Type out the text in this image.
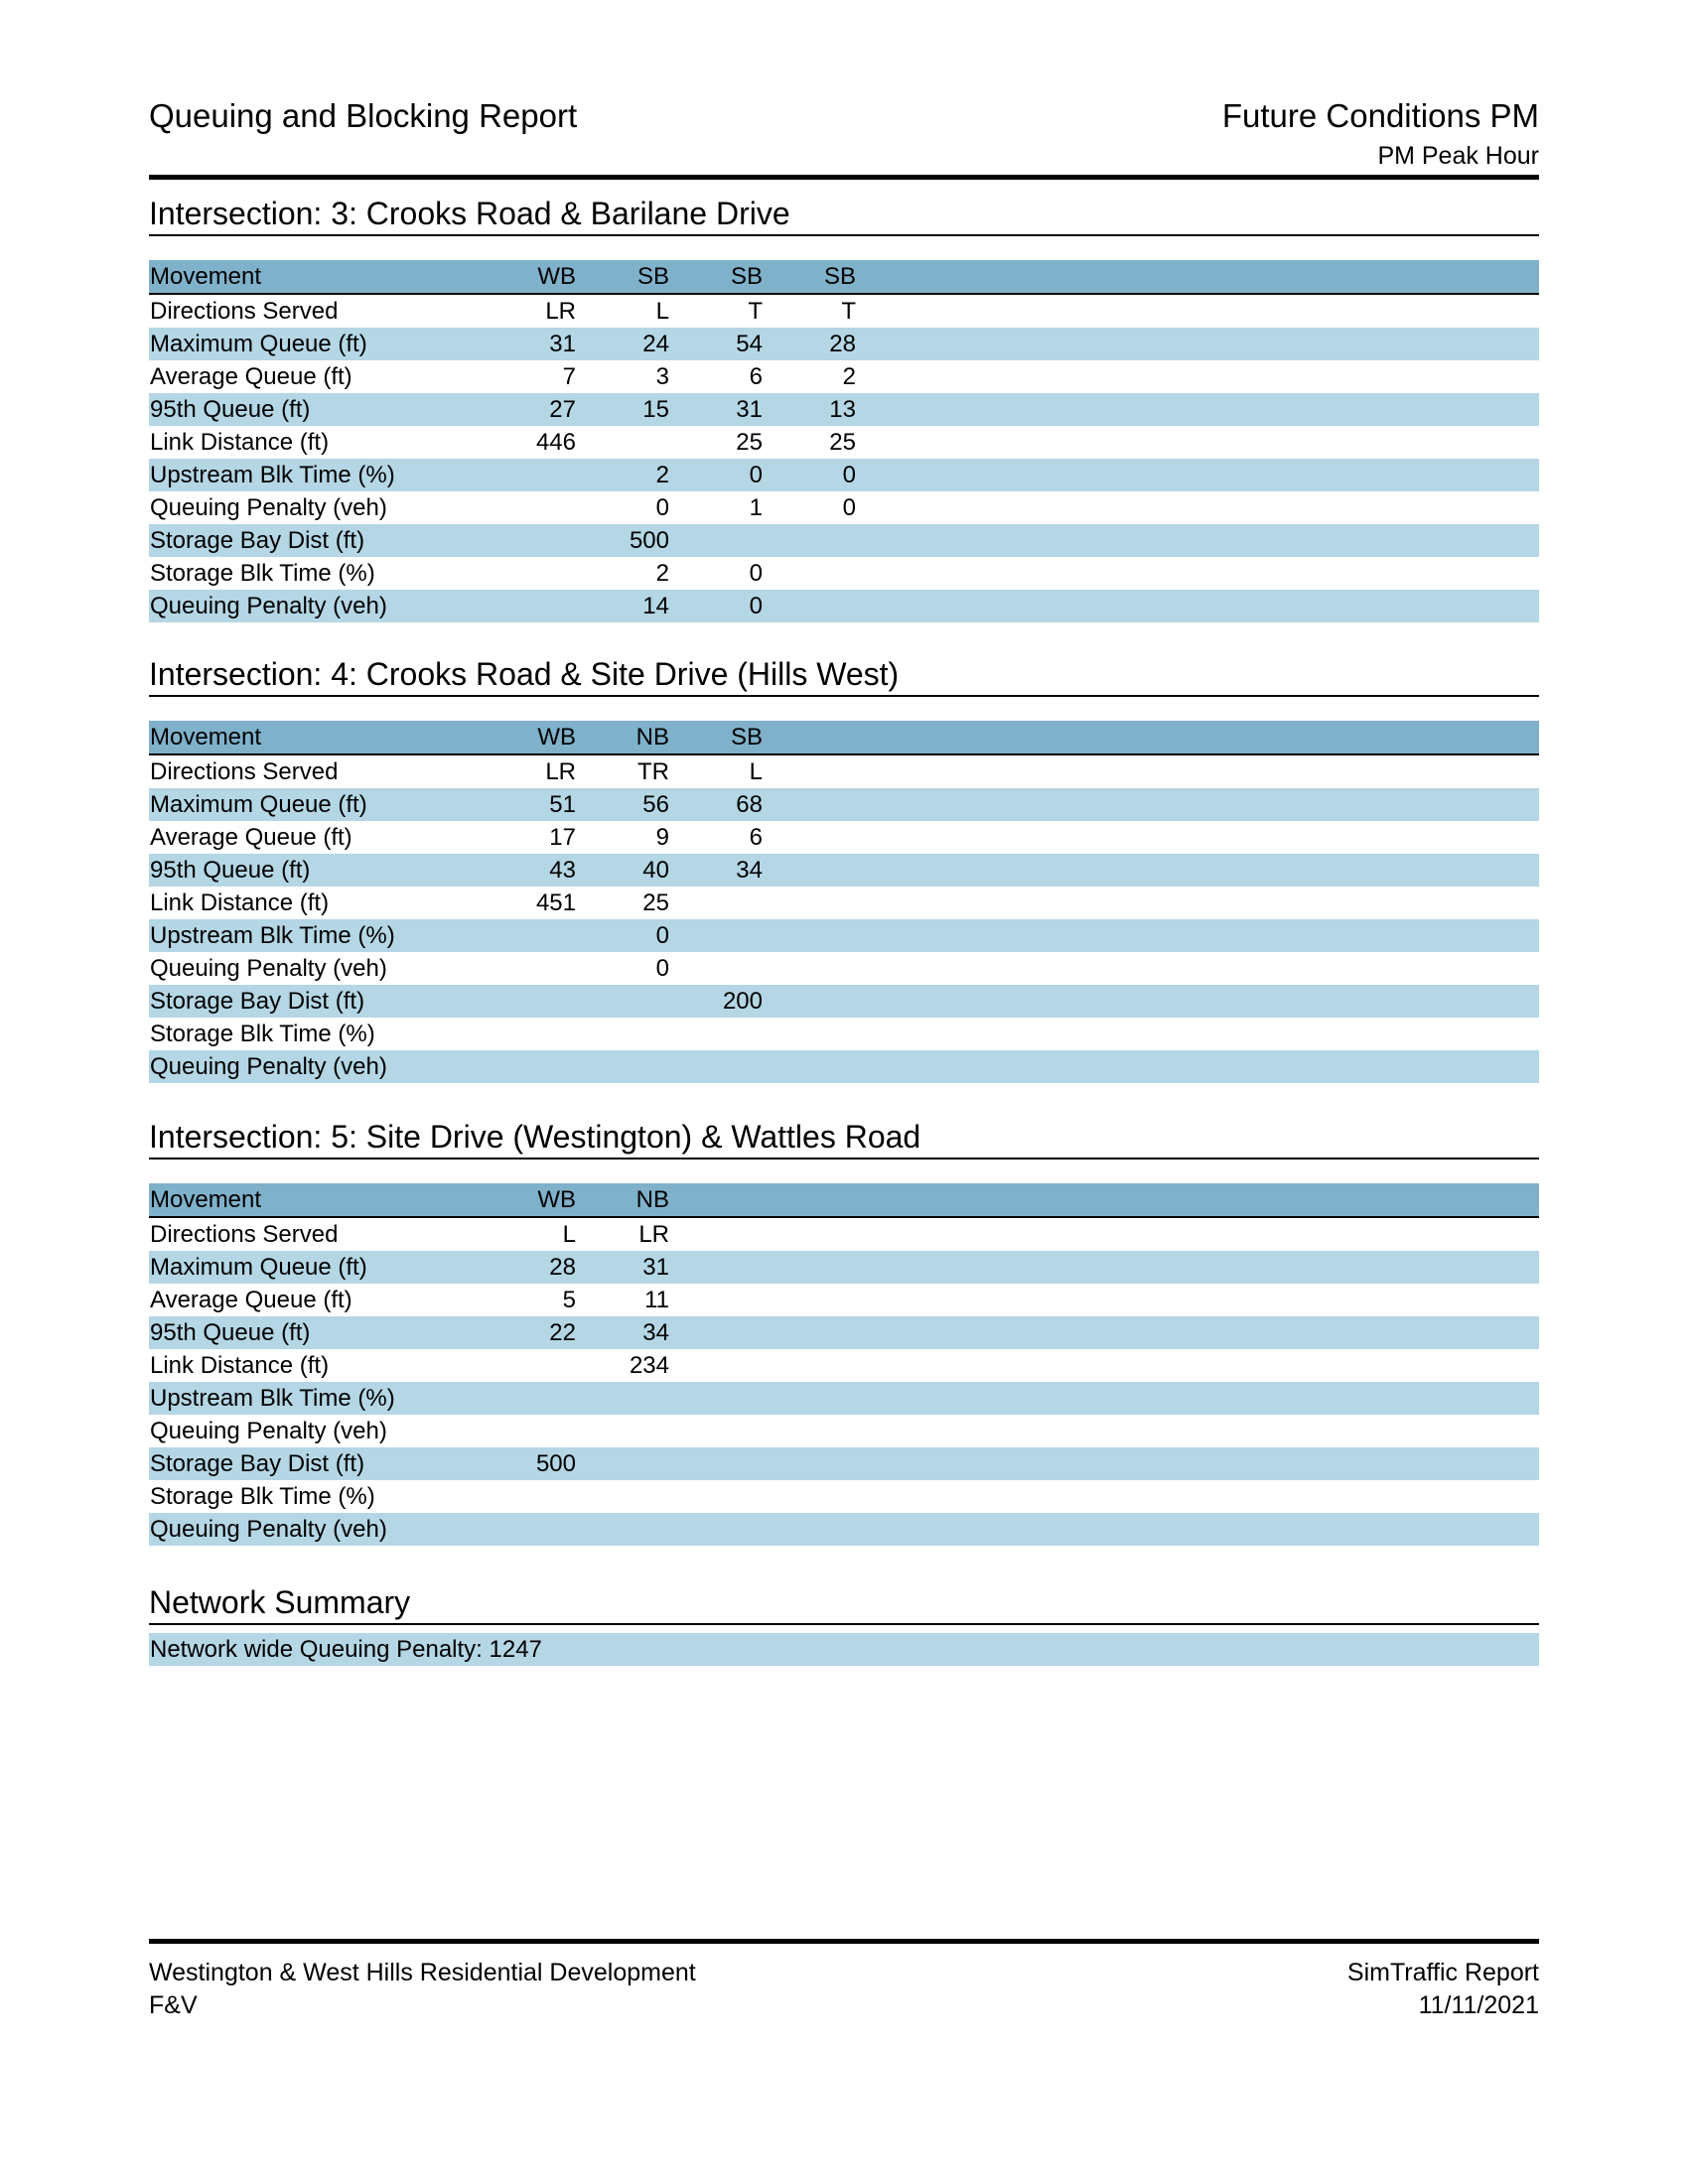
Queuing and Blocking Report	Future Conditions PM
PM Peak Hour
Intersection: 3: Crooks Road & Barilane Drive
Movement	WB	SB	SB	SB	
Directions Served	LR	L	T	T	
Maximum Queue (ft)	31	24	54	28	
Average Queue (ft)	7	3	6	2	
95th Queue (ft)	27	15	31	13	
Link Distance (ft)	446		25	25	
Upstream Blk Time (%)		2	0	0	
Queuing Penalty (veh)		0	1	0	
Storage Bay Dist (ft)		500			
Storage Blk Time (%)		2	0		
Queuing Penalty (veh)		14	0		
Intersection: 4: Crooks Road & Site Drive (Hills West)
Movement	WB	NB	SB		
Directions Served	LR	TR	L		
Maximum Queue (ft)	51	56	68		
Average Queue (ft)	17	9	6		
95th Queue (ft)	43	40	34		
Link Distance (ft)	451	25			
Upstream Blk Time (%)		0			
Queuing Penalty (veh)		0			
Storage Bay Dist (ft)			200		
Storage Blk Time (%)					
Queuing Penalty (veh)					
Intersection: 5: Site Drive (Westington) & Wattles Road
Movement	WB	NB			
Directions Served	L	LR			
Maximum Queue (ft)	28	31			
Average Queue (ft)	5	11			
95th Queue (ft)	22	34			
Link Distance (ft)		234			
Upstream Blk Time (%)					
Queuing Penalty (veh)					
Storage Bay Dist (ft)	500				
Storage Blk Time (%)					
Queuing Penalty (veh)					
Network Summary
Network wide Queuing Penalty: 1247
Westington & West Hills Residential Development
F&V
SimTraffic Report
11/11/2021
